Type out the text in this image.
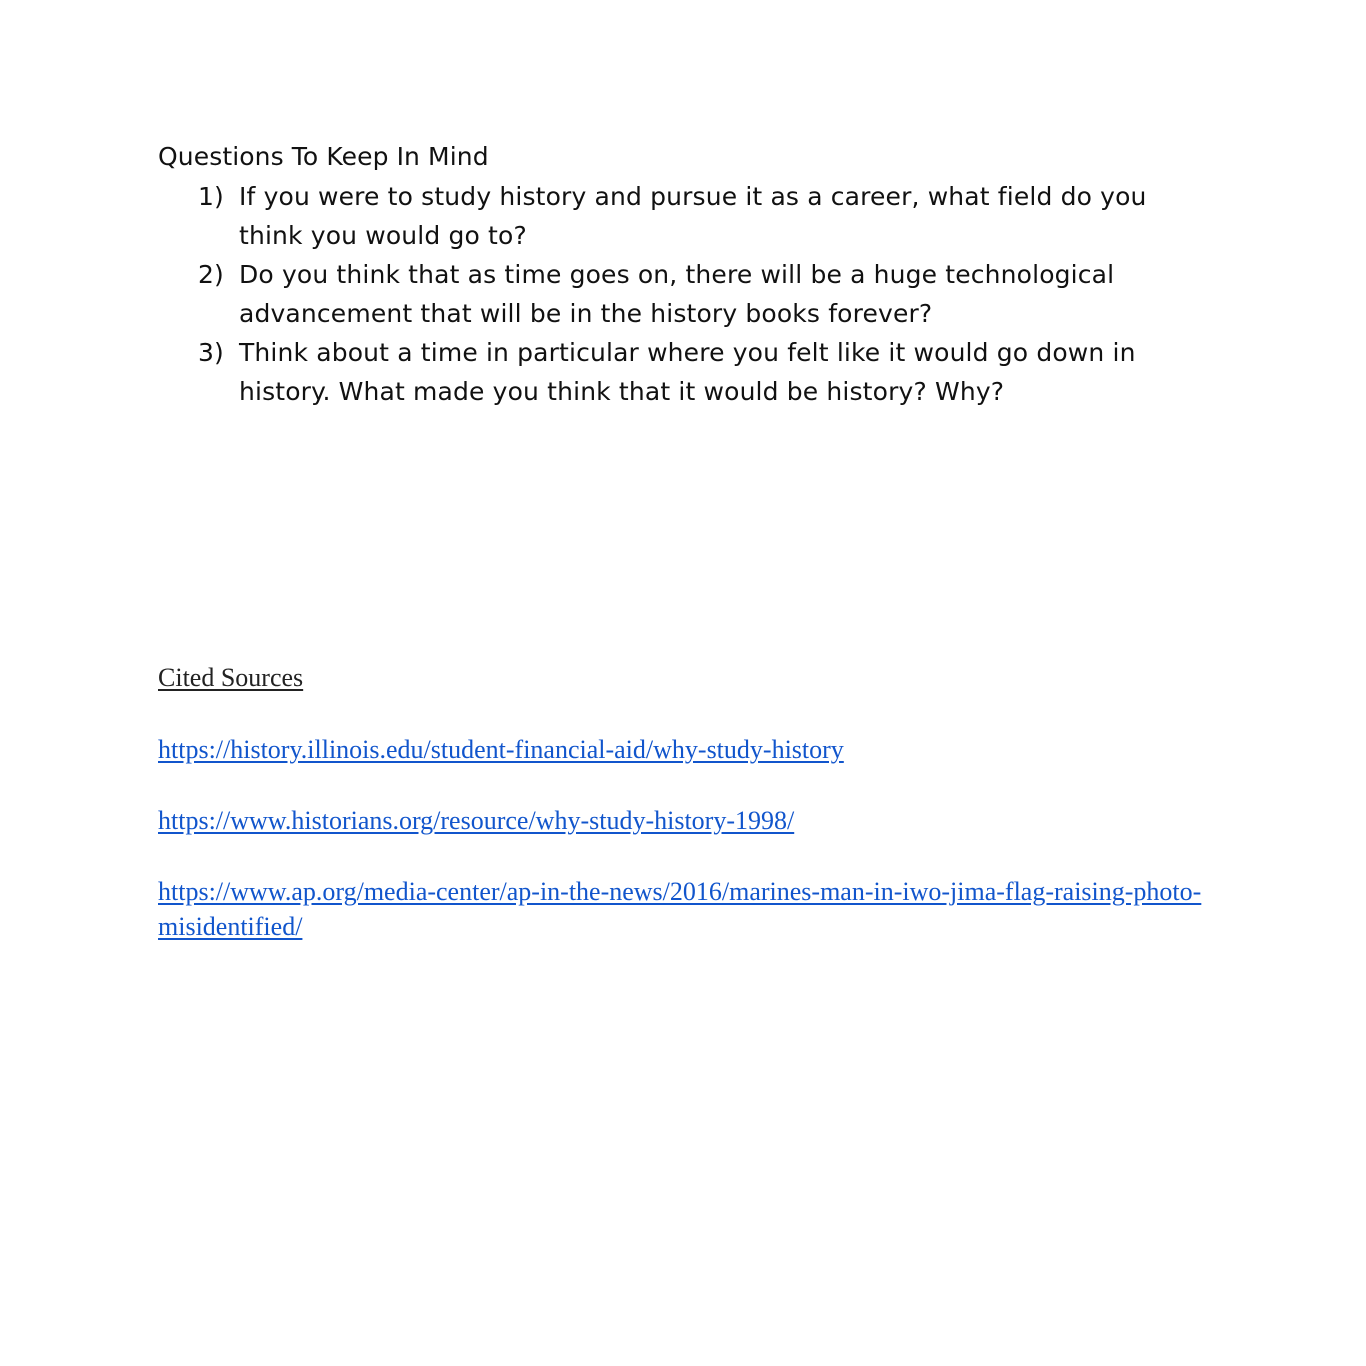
Questions To Keep In Mind
1) If you were to study history and pursue it as a career, what field do you think you would go to?
2) Do you think that as time goes on, there will be a huge technological advancement that will be in the history books forever?
3) Think about a time in particular where you felt like it would go down in history. What made you think that it would be history? Why?
Cited Sources
https://history.illinois.edu/student-financial-aid/why-study-history
https://www.historians.org/resource/why-study-history-1998/
https://www.ap.org/media-center/ap-in-the-news/2016/marines-man-in-iwo-jima-flag-raising-photo-misidentified/
